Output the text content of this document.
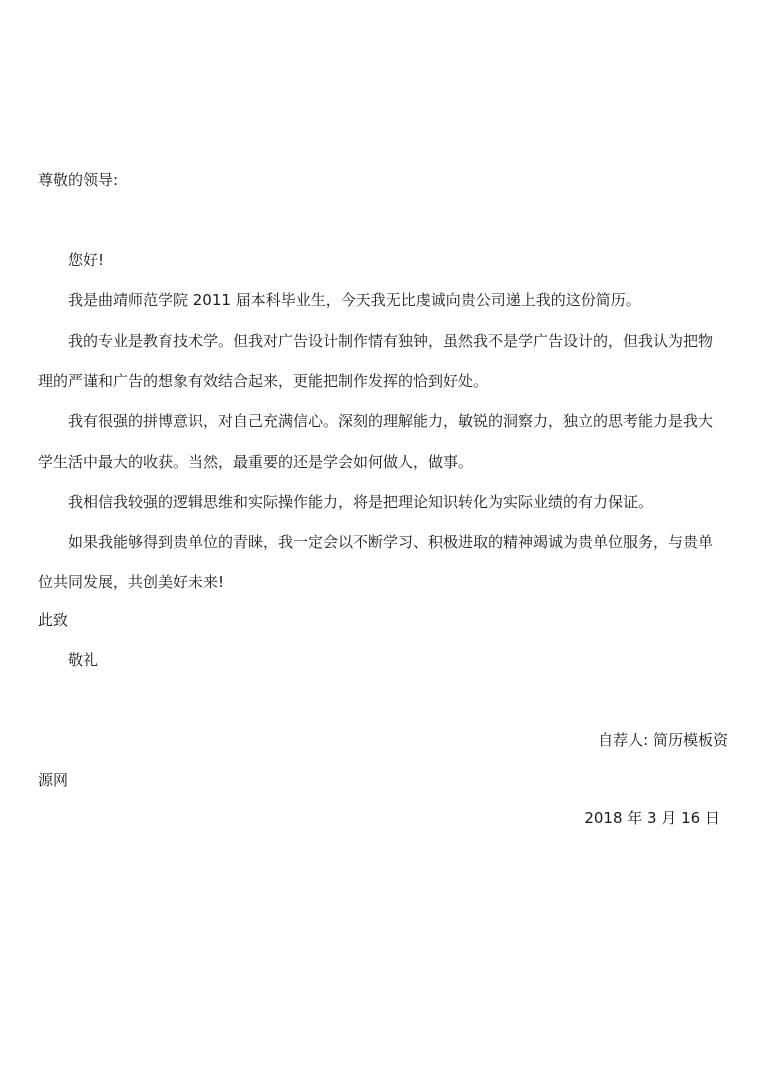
尊敬的领导:
您好!
我是曲靖师范学院 2011 届本科毕业生，今天我无比虔诚向贵公司递上我的这份简历。
我的专业是教育技术学。但我对广告设计制作情有独钟，虽然我不是学广告设计的，但我认为把物
理的严谨和广告的想象有效结合起来，更能把制作发挥的恰到好处。
我有很强的拼博意识，对自己充满信心。深刻的理解能力，敏锐的洞察力，独立的思考能力是我大
学生活中最大的收获。当然，最重要的还是学会如何做人，做事。
我相信我较强的逻辑思维和实际操作能力，将是把理论知识转化为实际业绩的有力保证。
如果我能够得到贵单位的青睐，我一定会以不断学习、积极进取的精神竭诚为贵单位服务，与贵单
位共同发展，共创美好未来!
此致
敬礼
自荐人: 简历模板资
源网
2018 年 3 月 16 日
